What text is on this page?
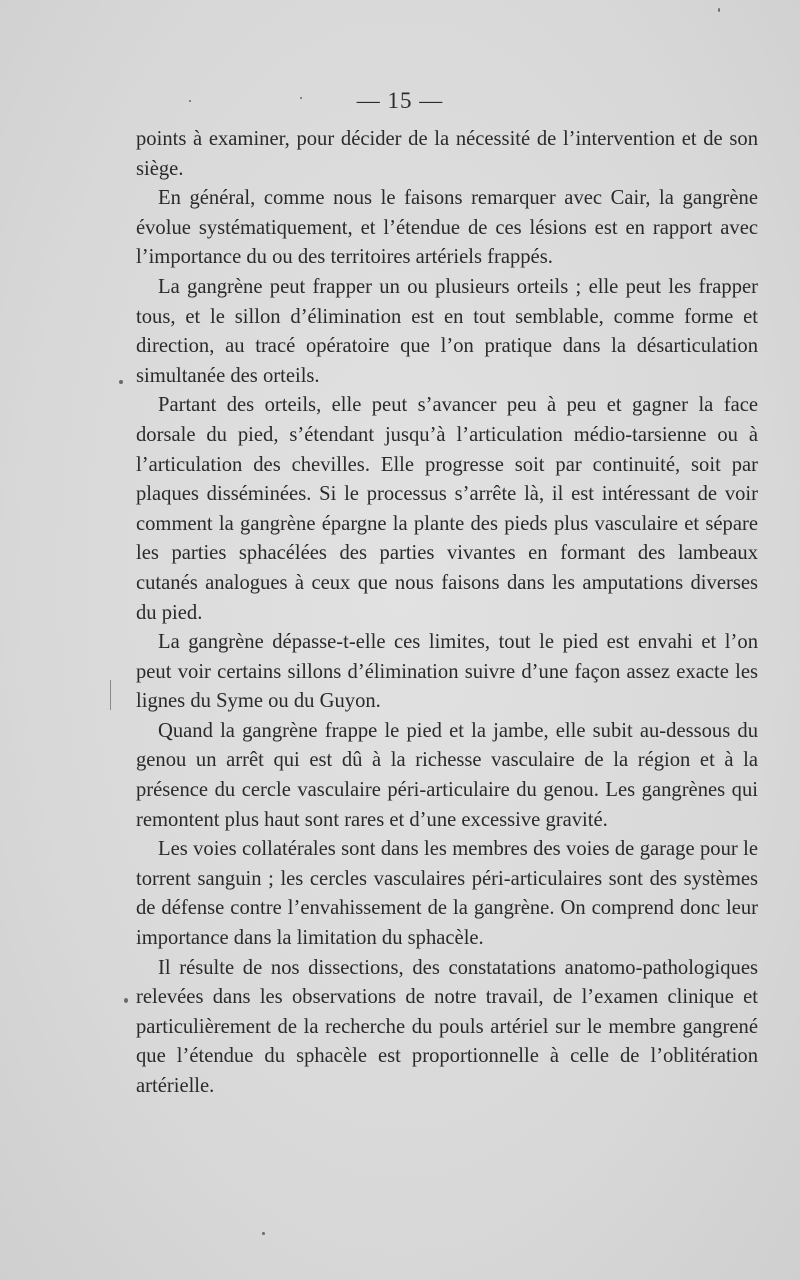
— 15 —

points à examiner, pour décider de la nécessité de l’intervention et de son siège.

En général, comme nous le faisons remarquer avec Cair, la gangrène évolue systématiquement, et l’étendue de ces lésions est en rapport avec l’importance du ou des territoires artériels frappés.

La gangrène peut frapper un ou plusieurs orteils ; elle peut les frapper tous, et le sillon d’élimination est en tout semblable, comme forme et direction, au tracé opératoire que l’on pratique dans la désarticulation simultanée des orteils.

Partant des orteils, elle peut s’avancer peu à peu et gagner la face dorsale du pied, s’étendant jusqu’à l’articulation médio-tarsienne ou à l’articulation des chevilles. Elle progresse soit par continuité, soit par plaques disséminées. Si le processus s’arrête là, il est intéressant de voir comment la gangrène épargne la plante des pieds plus vasculaire et sépare les parties sphacélées des parties vivantes en formant des lambeaux cutanés analogues à ceux que nous faisons dans les amputations diverses du pied.

La gangrène dépasse-t-elle ces limites, tout le pied est envahi et l’on peut voir certains sillons d’élimination suivre d’une façon assez exacte les lignes du Syme ou du Guyon.

Quand la gangrène frappe le pied et la jambe, elle subit au-dessous du genou un arrêt qui est dû à la richesse vasculaire de la région et à la présence du cercle vasculaire péri-articulaire du genou. Les gangrènes qui remontent plus haut sont rares et d’une excessive gravité.

Les voies collatérales sont dans les membres des voies de garage pour le torrent sanguin ; les cercles vasculaires péri-articulaires sont des systèmes de défense contre l’envahissement de la gangrène. On comprend donc leur importance dans la limitation du sphacèle.

Il résulte de nos dissections, des constatations anatomo-pathologiques relevées dans les observations de notre travail, de l’examen clinique et particulièrement de la recherche du pouls artériel sur le membre gangrené que l’étendue du sphacèle est proportionnelle à celle de l’oblitération artérielle.
